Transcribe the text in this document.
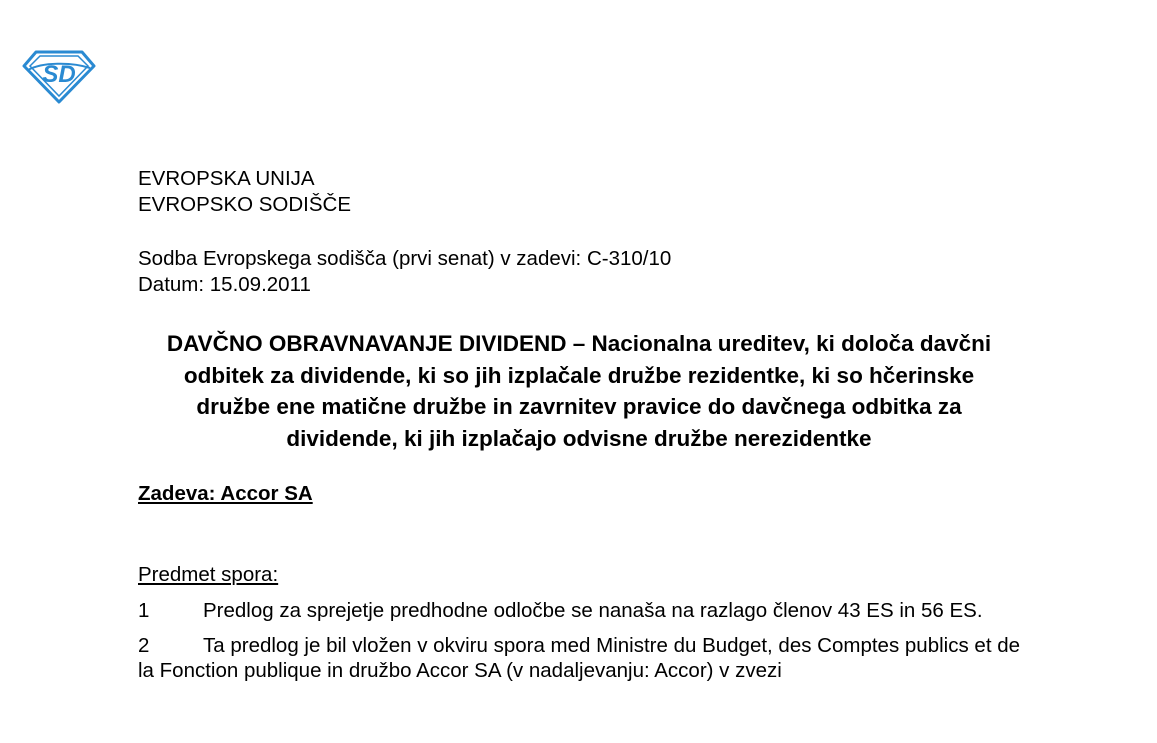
SD
EVROPSKA UNIJA
EVROPSKO SODIŠČE
Sodba Evropskega sodišča (prvi senat) v zadevi: C-310/10
Datum: 15.09.2011
DAVČNO OBRAVNAVANJE DIVIDEND – Nacionalna ureditev, ki določa davčni odbitek za dividende, ki so jih izplačale družbe rezidentke, ki so hčerinske družbe ene matične družbe in zavrnitev pravice do davčnega odbitka za dividende, ki jih izplačajo odvisne družbe nerezidentke
Zadeva: Accor SA
Predmet spora:
1	Predlog za sprejetje predhodne odločbe se nanaša na razlago členov 43 ES in 56 ES.
2	Ta predlog je bil vložen v okviru spora med Ministre du Budget, des Comptes publics et de la Fonction publique in družbo Accor SA (v nadaljevanju: Accor) v zvezi
